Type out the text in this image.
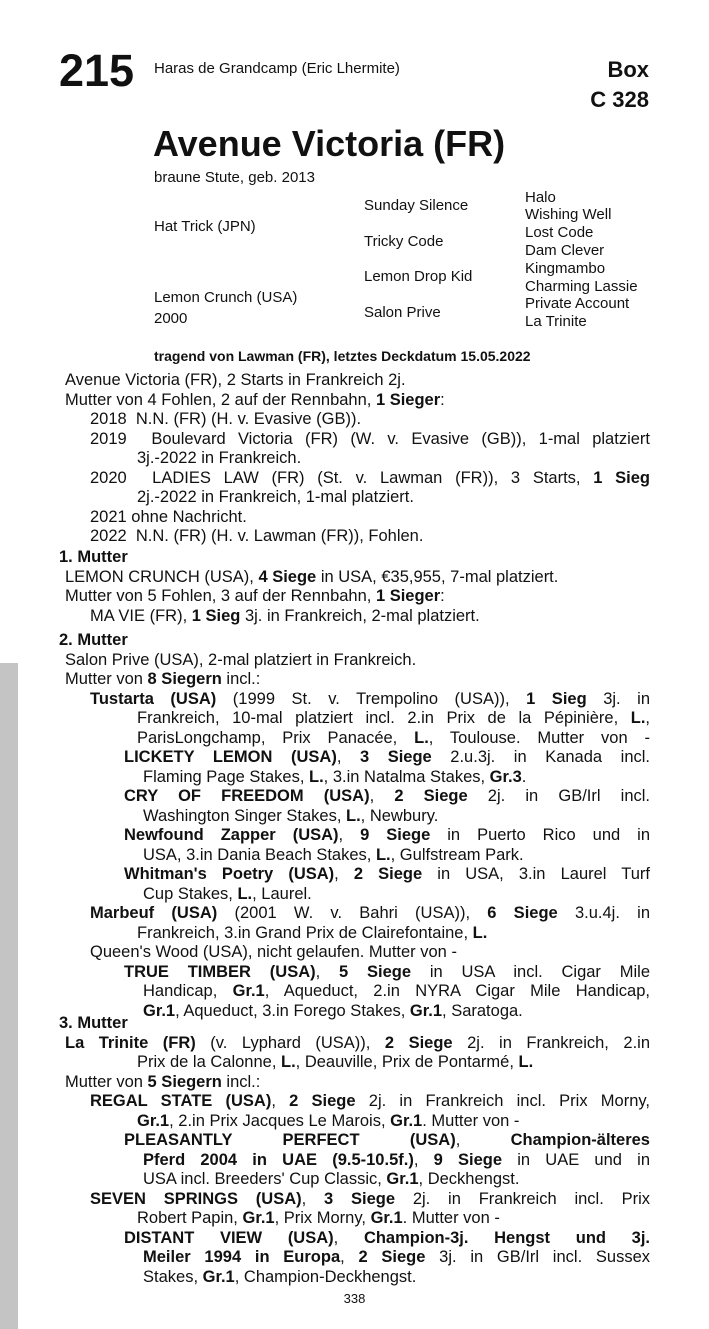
215 Haras de Grandcamp (Eric Lhermite)	Box
C 328
Avenue Victoria (FR)
braune Stute, geb. 2013
Hat Trick (JPN)
Lemon Crunch (USA)
2000
Sunday Silence
Tricky Code
Lemon Drop Kid
Salon Prive
Halo
Wishing Well
Lost Code
Dam Clever
Kingmambo
Charming Lassie
Private Account
La Trinite
tragend von Lawman (FR), letztes Deckdatum 15.05.2022
Avenue Victoria (FR), 2 Starts in Frankreich 2j.
Mutter von 4 Fohlen, 2 auf der Rennbahn, 1 Sieger:
2018  N.N. (FR) (H. v. Evasive (GB)).
2019  Boulevard Victoria (FR) (W. v. Evasive (GB)), 1-mal platziert
3j.-2022 in Frankreich.
2020  LADIES LAW (FR) (St. v. Lawman (FR)), 3 Starts, 1 Sieg
2j.-2022 in Frankreich, 1-mal platziert.
2021 ohne Nachricht.
2022  N.N. (FR) (H. v. Lawman (FR)), Fohlen.
1. Mutter
LEMON CRUNCH (USA), 4 Siege in USA, €35,955, 7-mal platziert.
Mutter von 5 Fohlen, 3 auf der Rennbahn, 1 Sieger:
MA VIE (FR), 1 Sieg 3j. in Frankreich, 2-mal platziert.
2. Mutter
Salon Prive (USA), 2-mal platziert in Frankreich.
Mutter von 8 Siegern incl.:
Tustarta (USA) (1999 St. v. Trempolino (USA)), 1 Sieg 3j. in
Frankreich, 10-mal platziert incl. 2.in Prix de la Pépinière, L.,
ParisLongchamp, Prix Panacée, L., Toulouse. Mutter von -
LICKETY LEMON (USA), 3 Siege 2.u.3j. in Kanada incl.
Flaming Page Stakes, L., 3.in Natalma Stakes, Gr.3.
CRY OF FREEDOM (USA), 2 Siege 2j. in GB/Irl incl.
Washington Singer Stakes, L., Newbury.
Newfound Zapper (USA), 9 Siege in Puerto Rico und in
USA, 3.in Dania Beach Stakes, L., Gulfstream Park.
Whitman's Poetry (USA), 2 Siege in USA, 3.in Laurel Turf
Cup Stakes, L., Laurel.
Marbeuf (USA) (2001 W. v. Bahri (USA)), 6 Siege 3.u.4j. in
Frankreich, 3.in Grand Prix de Clairefontaine, L.
Queen's Wood (USA), nicht gelaufen. Mutter von -
TRUE TIMBER (USA), 5 Siege in USA incl. Cigar Mile
Handicap, Gr.1, Aqueduct, 2.in NYRA Cigar Mile Handicap,
Gr.1, Aqueduct, 3.in Forego Stakes, Gr.1, Saratoga.
3. Mutter
La Trinite (FR) (v. Lyphard (USA)), 2 Siege 2j. in Frankreich, 2.in
Prix de la Calonne, L., Deauville, Prix de Pontarmé, L.
Mutter von 5 Siegern incl.:
REGAL STATE (USA), 2 Siege 2j. in Frankreich incl. Prix Morny,
Gr.1, 2.in Prix Jacques Le Marois, Gr.1. Mutter von -
PLEASANTLY PERFECT (USA), Champion-älteres
Pferd 2004 in UAE (9.5-10.5f.), 9 Siege in UAE und in
USA incl. Breeders' Cup Classic, Gr.1, Deckhengst.
SEVEN SPRINGS (USA), 3 Siege 2j. in Frankreich incl. Prix
Robert Papin, Gr.1, Prix Morny, Gr.1. Mutter von -
DISTANT VIEW (USA), Champion-3j. Hengst und 3j.
Meiler 1994 in Europa, 2 Siege 3j. in GB/Irl incl. Sussex
Stakes, Gr.1, Champion-Deckhengst.
338
